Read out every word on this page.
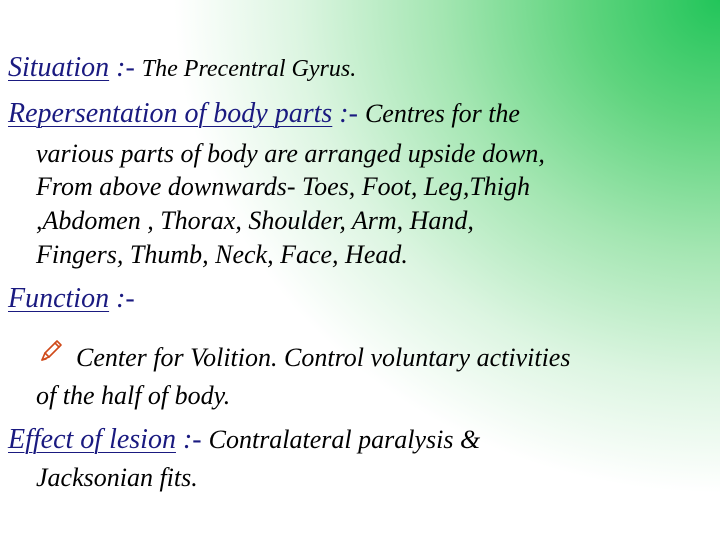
Situation :- The Precentral Gyrus.
Repersentation of body parts :- Centres for the
various parts of body are arranged upside down,
From above downwards- Toes, Foot, Leg,Thigh
,Abdomen , Thorax, Shoulder, Arm, Hand,
Fingers, Thumb, Neck, Face, Head.
Function :-
Center for Volition. Control voluntary activities
of the half of body.
Effect of lesion :- Contralateral paralysis &
Jacksonian fits.
